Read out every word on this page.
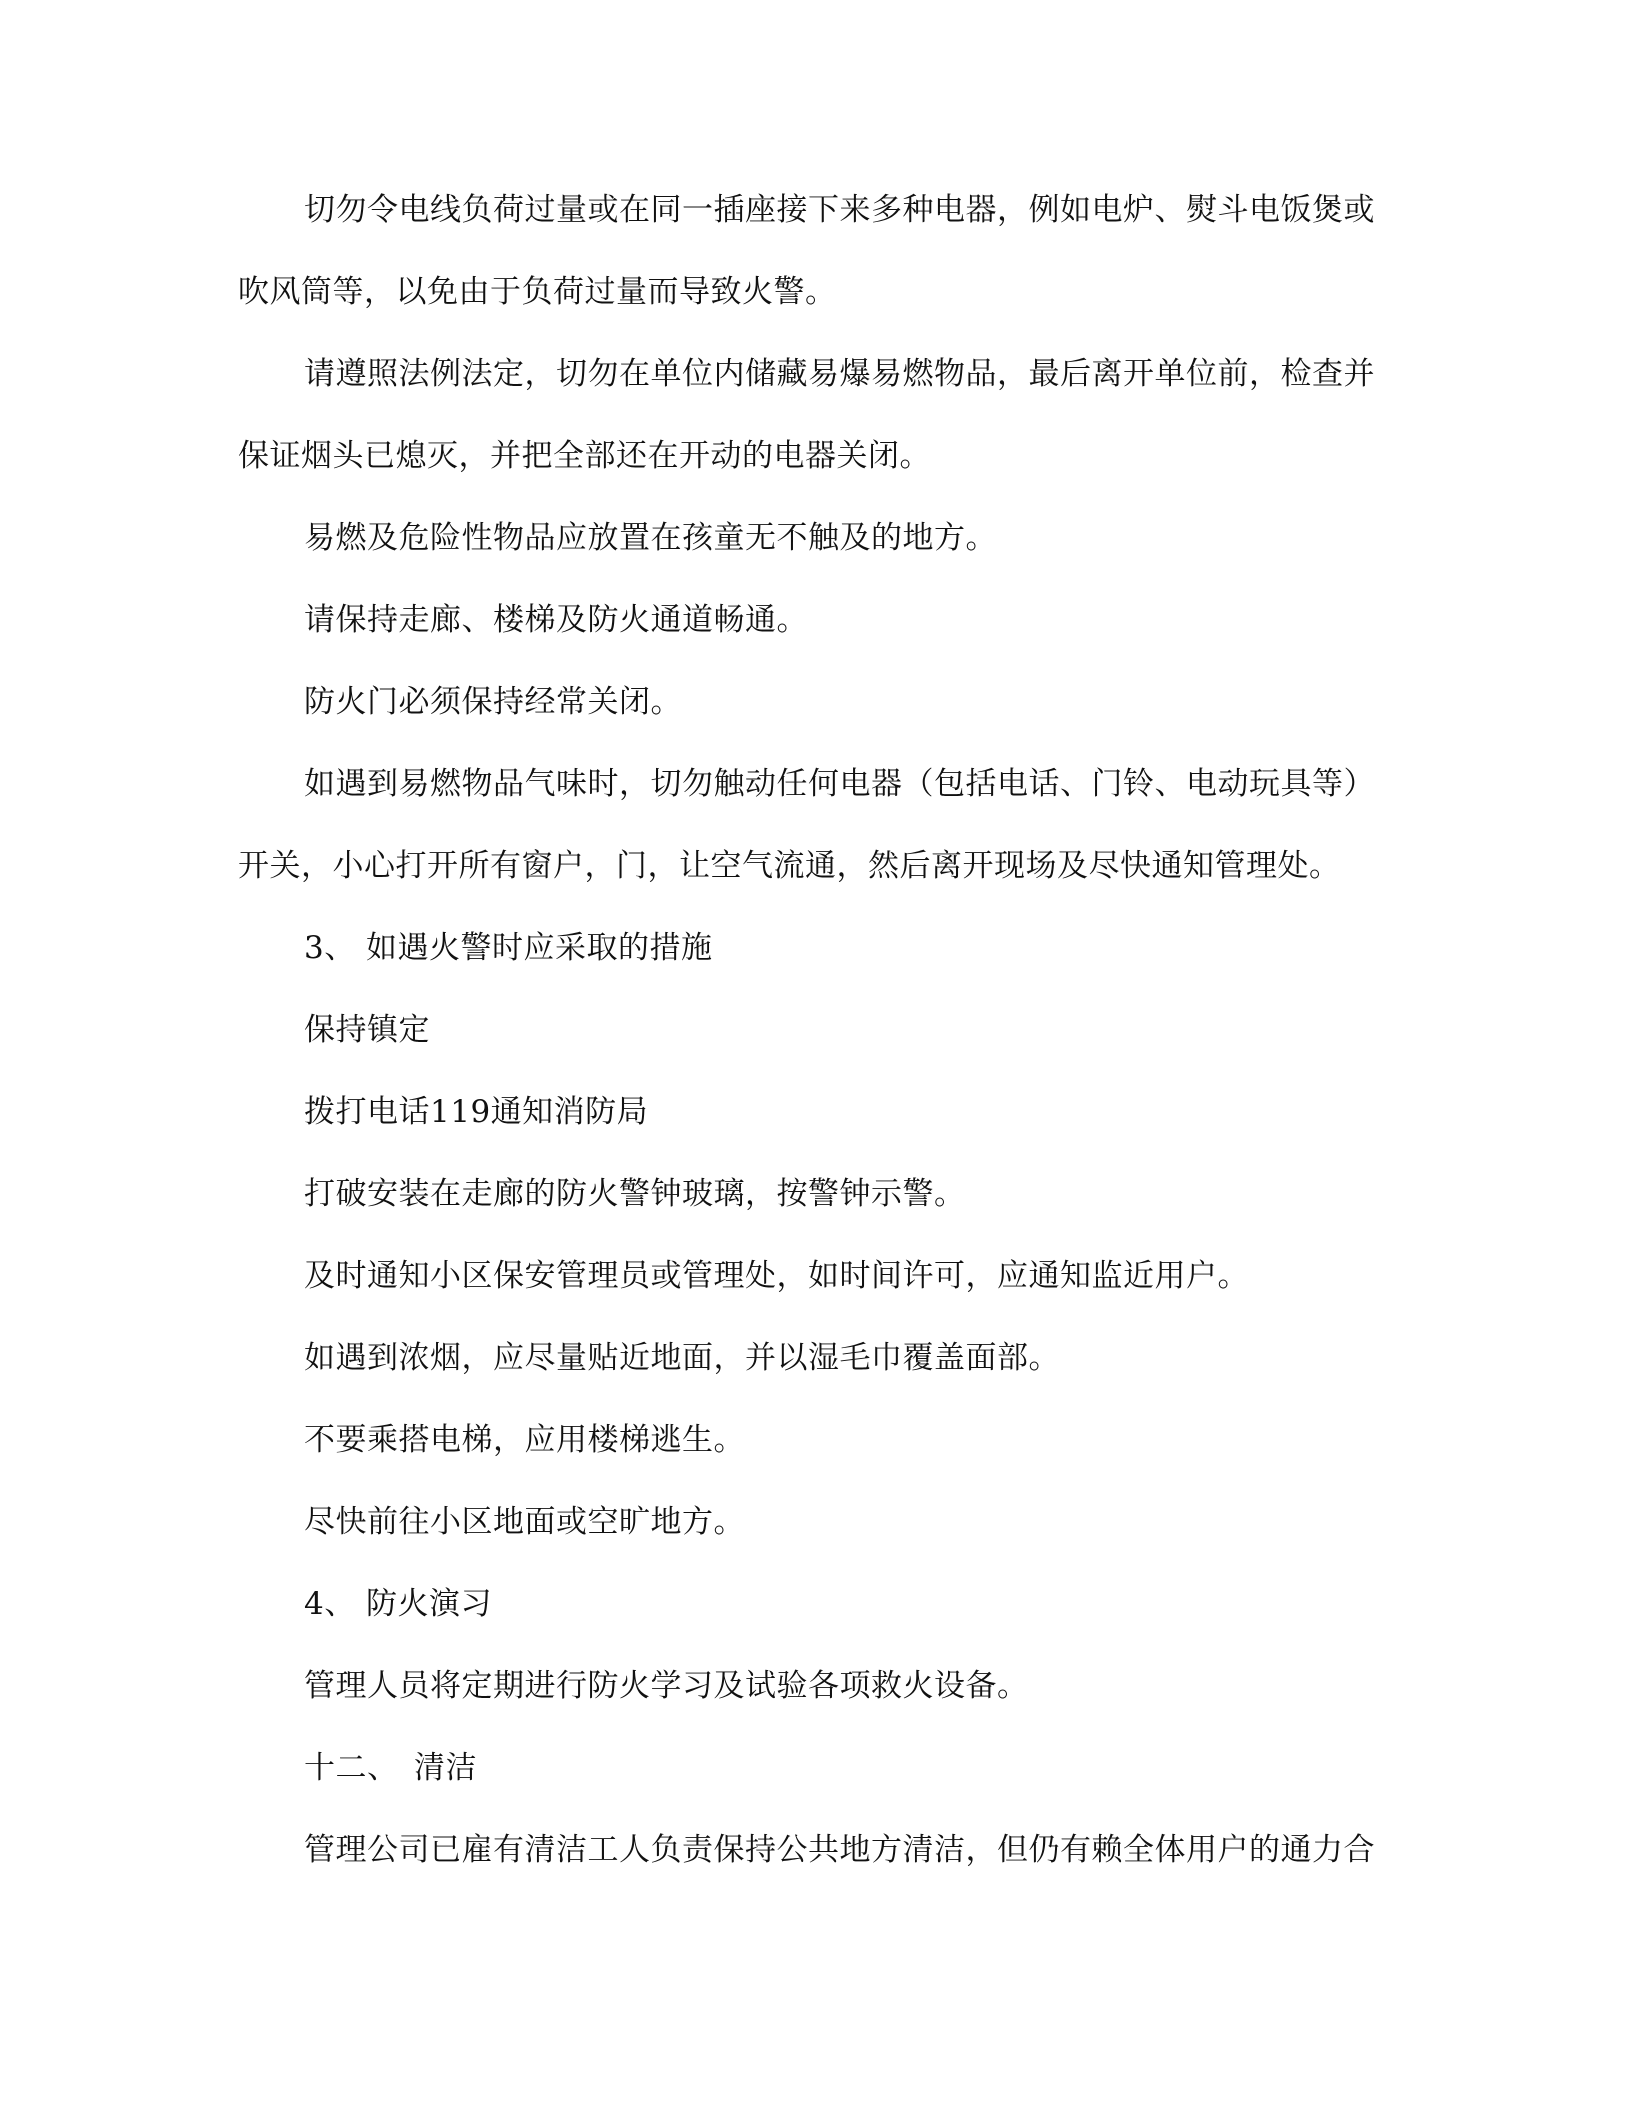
切勿令电线负荷过量或在同一插座接下来多种电器，例如电炉、熨斗电饭煲或
吹风筒等，以免由于负荷过量而导致火警。
请遵照法例法定，切勿在单位内储藏易爆易燃物品，最后离开单位前，检查并
保证烟头已熄灭，并把全部还在开动的电器关闭。
易燃及危险性物品应放置在孩童无不触及的地方。
请保持走廊、楼梯及防火通道畅通。
防火门必须保持经常关闭。
如遇到易燃物品气味时，切勿触动任何电器（包括电话、门铃、电动玩具等）
开关，小心打开所有窗户，门，让空气流通，然后离开现场及尽快通知管理处。
3、 如遇火警时应采取的措施
保持镇定
拨打电话119通知消防局
打破安装在走廊的防火警钟玻璃，按警钟示警。
及时通知小区保安管理员或管理处，如时间许可，应通知监近用户。
如遇到浓烟，应尽量贴近地面，并以湿毛巾覆盖面部。
不要乘搭电梯，应用楼梯逃生。
尽快前往小区地面或空旷地方。
4、 防火演习
管理人员将定期进行防火学习及试验各项救火设备。
十二、 清洁
管理公司已雇有清洁工人负责保持公共地方清洁，但仍有赖全体用户的通力合
